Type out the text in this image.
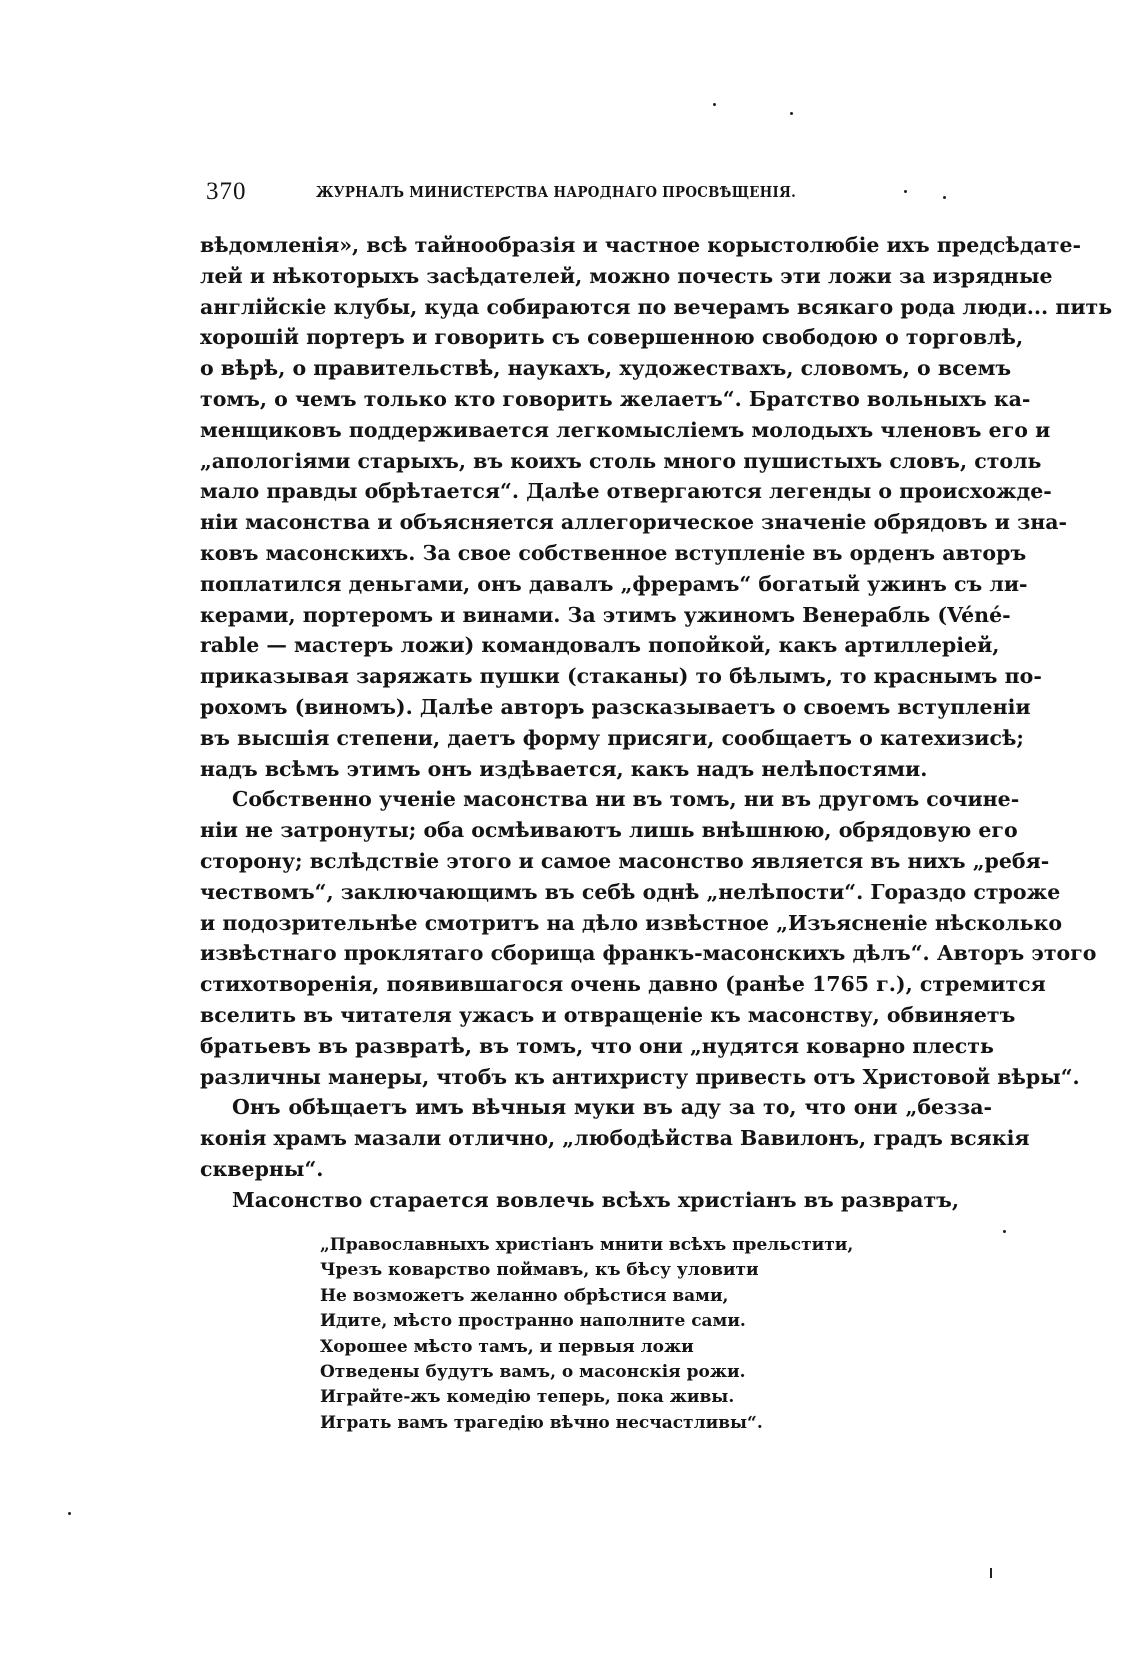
370	ЖУРНАЛЪ МИНИСТЕРСТВА НАРОДНАГО ПРОСВѢЩЕНІЯ.
вѣдомленія», всѣ тайнообразія и частное корыстолюбіе ихъ предсѣдате-
лей и нѣкоторыхъ засѣдателей, можно почесть эти ложи за изрядные
англійскіе клубы, куда собираются по вечерамъ всякаго рода люди... пить
хорошій портеръ и говорить съ совершенною свободою о торговлѣ,
о вѣрѣ, о правительствѣ, наукахъ, художествахъ, словомъ, о всемъ
томъ, о чемъ только кто говорить желаетъ“. Братство вольныхъ ка-
менщиковъ поддерживается легкомысліемъ молодыхъ членовъ его и
„апологіями старыхъ, въ коихъ столь много пушистыхъ словъ, столь
мало правды обрѣтается“. Далѣе отвергаются легенды о происхожде-
ніи масонства и объясняется аллегорическое значеніе обрядовъ и зна-
ковъ масонскихъ. За свое собственное вступленіе въ орденъ авторъ
поплатился деньгами, онъ давалъ „фрерамъ“ богатый ужинъ съ ли-
керами, портеромъ и винами. За этимъ ужиномъ Венерабль (Véné-
rable — мастеръ ложи) командовалъ попойкой, какъ артиллеріей,
приказывая заряжать пушки (стаканы) то бѣлымъ, то краснымъ по-
рохомъ (виномъ). Далѣе авторъ разсказываетъ о своемъ вступленіи
въ высшія степени, даетъ форму присяги, сообщаетъ о катехизисѣ;
надъ всѣмъ этимъ онъ издѣвается, какъ надъ нелѣпостями.
Собственно ученіе масонства ни въ томъ, ни въ другомъ сочине-
ніи не затронуты; оба осмѣиваютъ лишь внѣшнюю, обрядовую его
сторону; вслѣдствіе этого и самое масонство является въ нихъ „ребя-
чествомъ“, заключающимъ въ себѣ однѣ „нелѣпости“. Гораздо строже
и подозрительнѣе смотритъ на дѣло извѣстное „Изъясненіе нѣсколько
извѣстнаго проклятаго сборища франкъ-масонскихъ дѣлъ“. Авторъ этого
стихотворенія, появившагося очень давно (ранѣе 1765 г.), стремится
вселить въ читателя ужасъ и отвращеніе къ масонству, обвиняетъ
братьевъ въ развратѣ, въ томъ, что они „нудятся коварно плесть
различны манеры, чтобъ къ антихристу привесть отъ Христовой вѣры“.
Онъ обѣщаетъ имъ вѣчныя муки въ аду за то, что они „безза-
конія храмъ мазали отлично, „любодѣйства Вавилонъ, градъ всякія
скверны“.
Масонство старается вовлечь всѣхъ христіанъ въ развратъ,
„Православныхъ христіанъ мнити всѣхъ прельстити,
Чрезъ коварство поймавъ, къ бѣсу уловити
Не возможетъ желанно обрѣстися вами,
Идите, мѣсто пространно наполните сами.
Хорошее мѣсто тамъ, и первыя ложи
Отведены будутъ вамъ, о масонскія рожи.
Играйте-жъ комедію теперь, пока живы.
Играть вамъ трагедію вѣчно несчастливы“.
